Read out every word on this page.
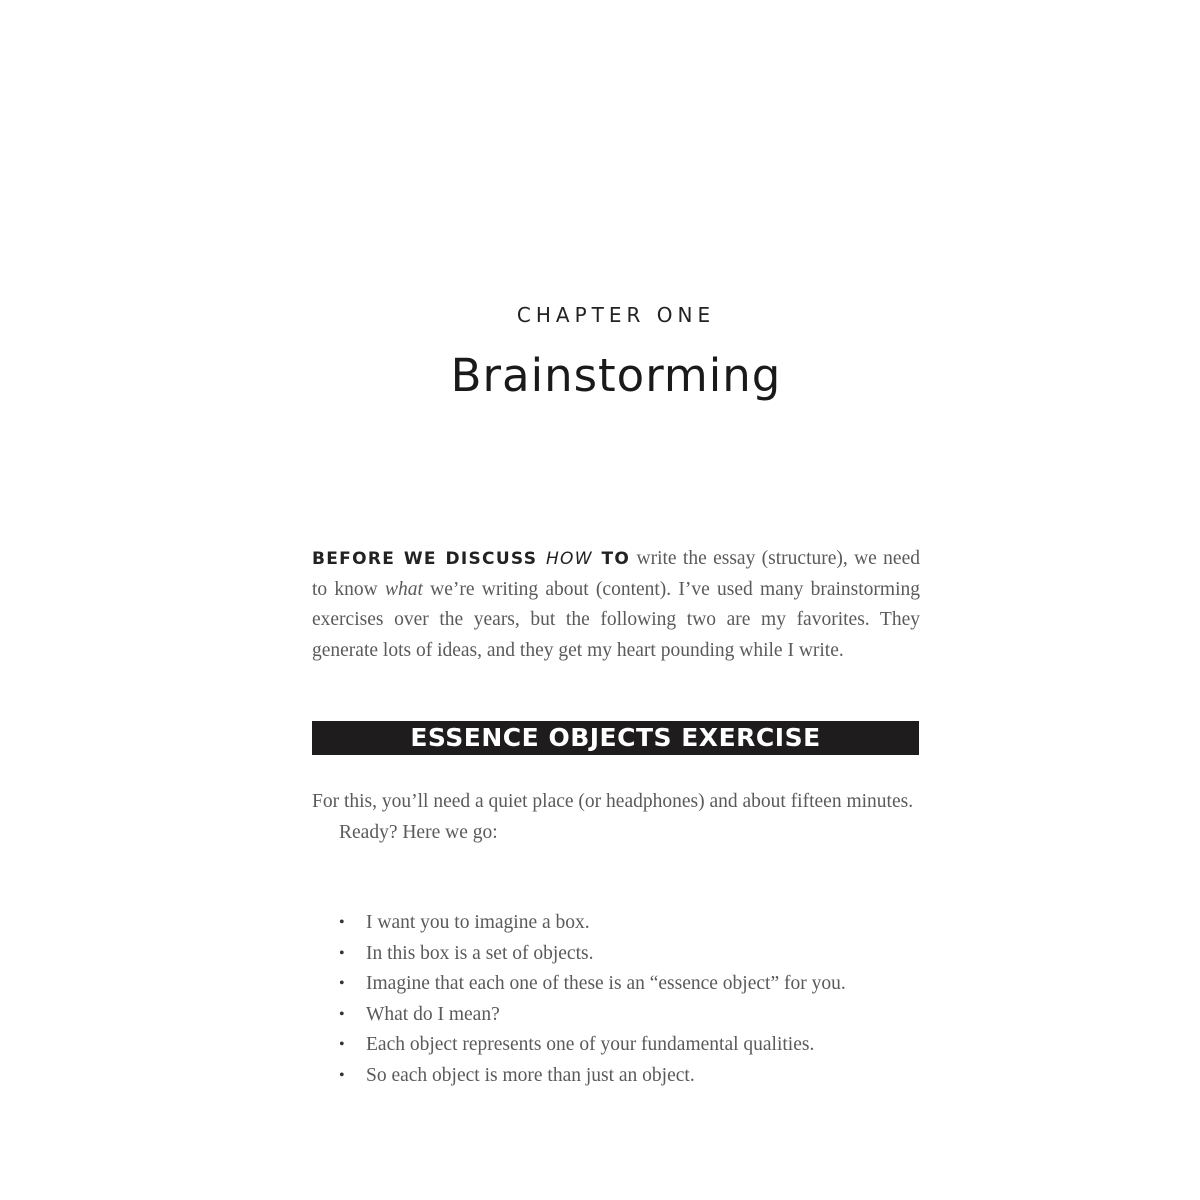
CHAPTER ONE
Brainstorming
BEFORE WE DISCUSS HOW TO write the essay (structure), we need to know what we’re writing about (content). I’ve used many brainstorming exercises over the years, but the following two are my favorites. They generate lots of ideas, and they get my heart pounding while I write.
ESSENCE OBJECTS EXERCISE

For this, you’ll need a quiet place (or headphones) and about fifteen minutes.

Ready? Here we go:

• I want you to imagine a box.
• In this box is a set of objects.
• Imagine that each one of these is an “essence object” for you.
• What do I mean?
• Each object represents one of your fundamental qualities.
• So each object is more than just an object.
